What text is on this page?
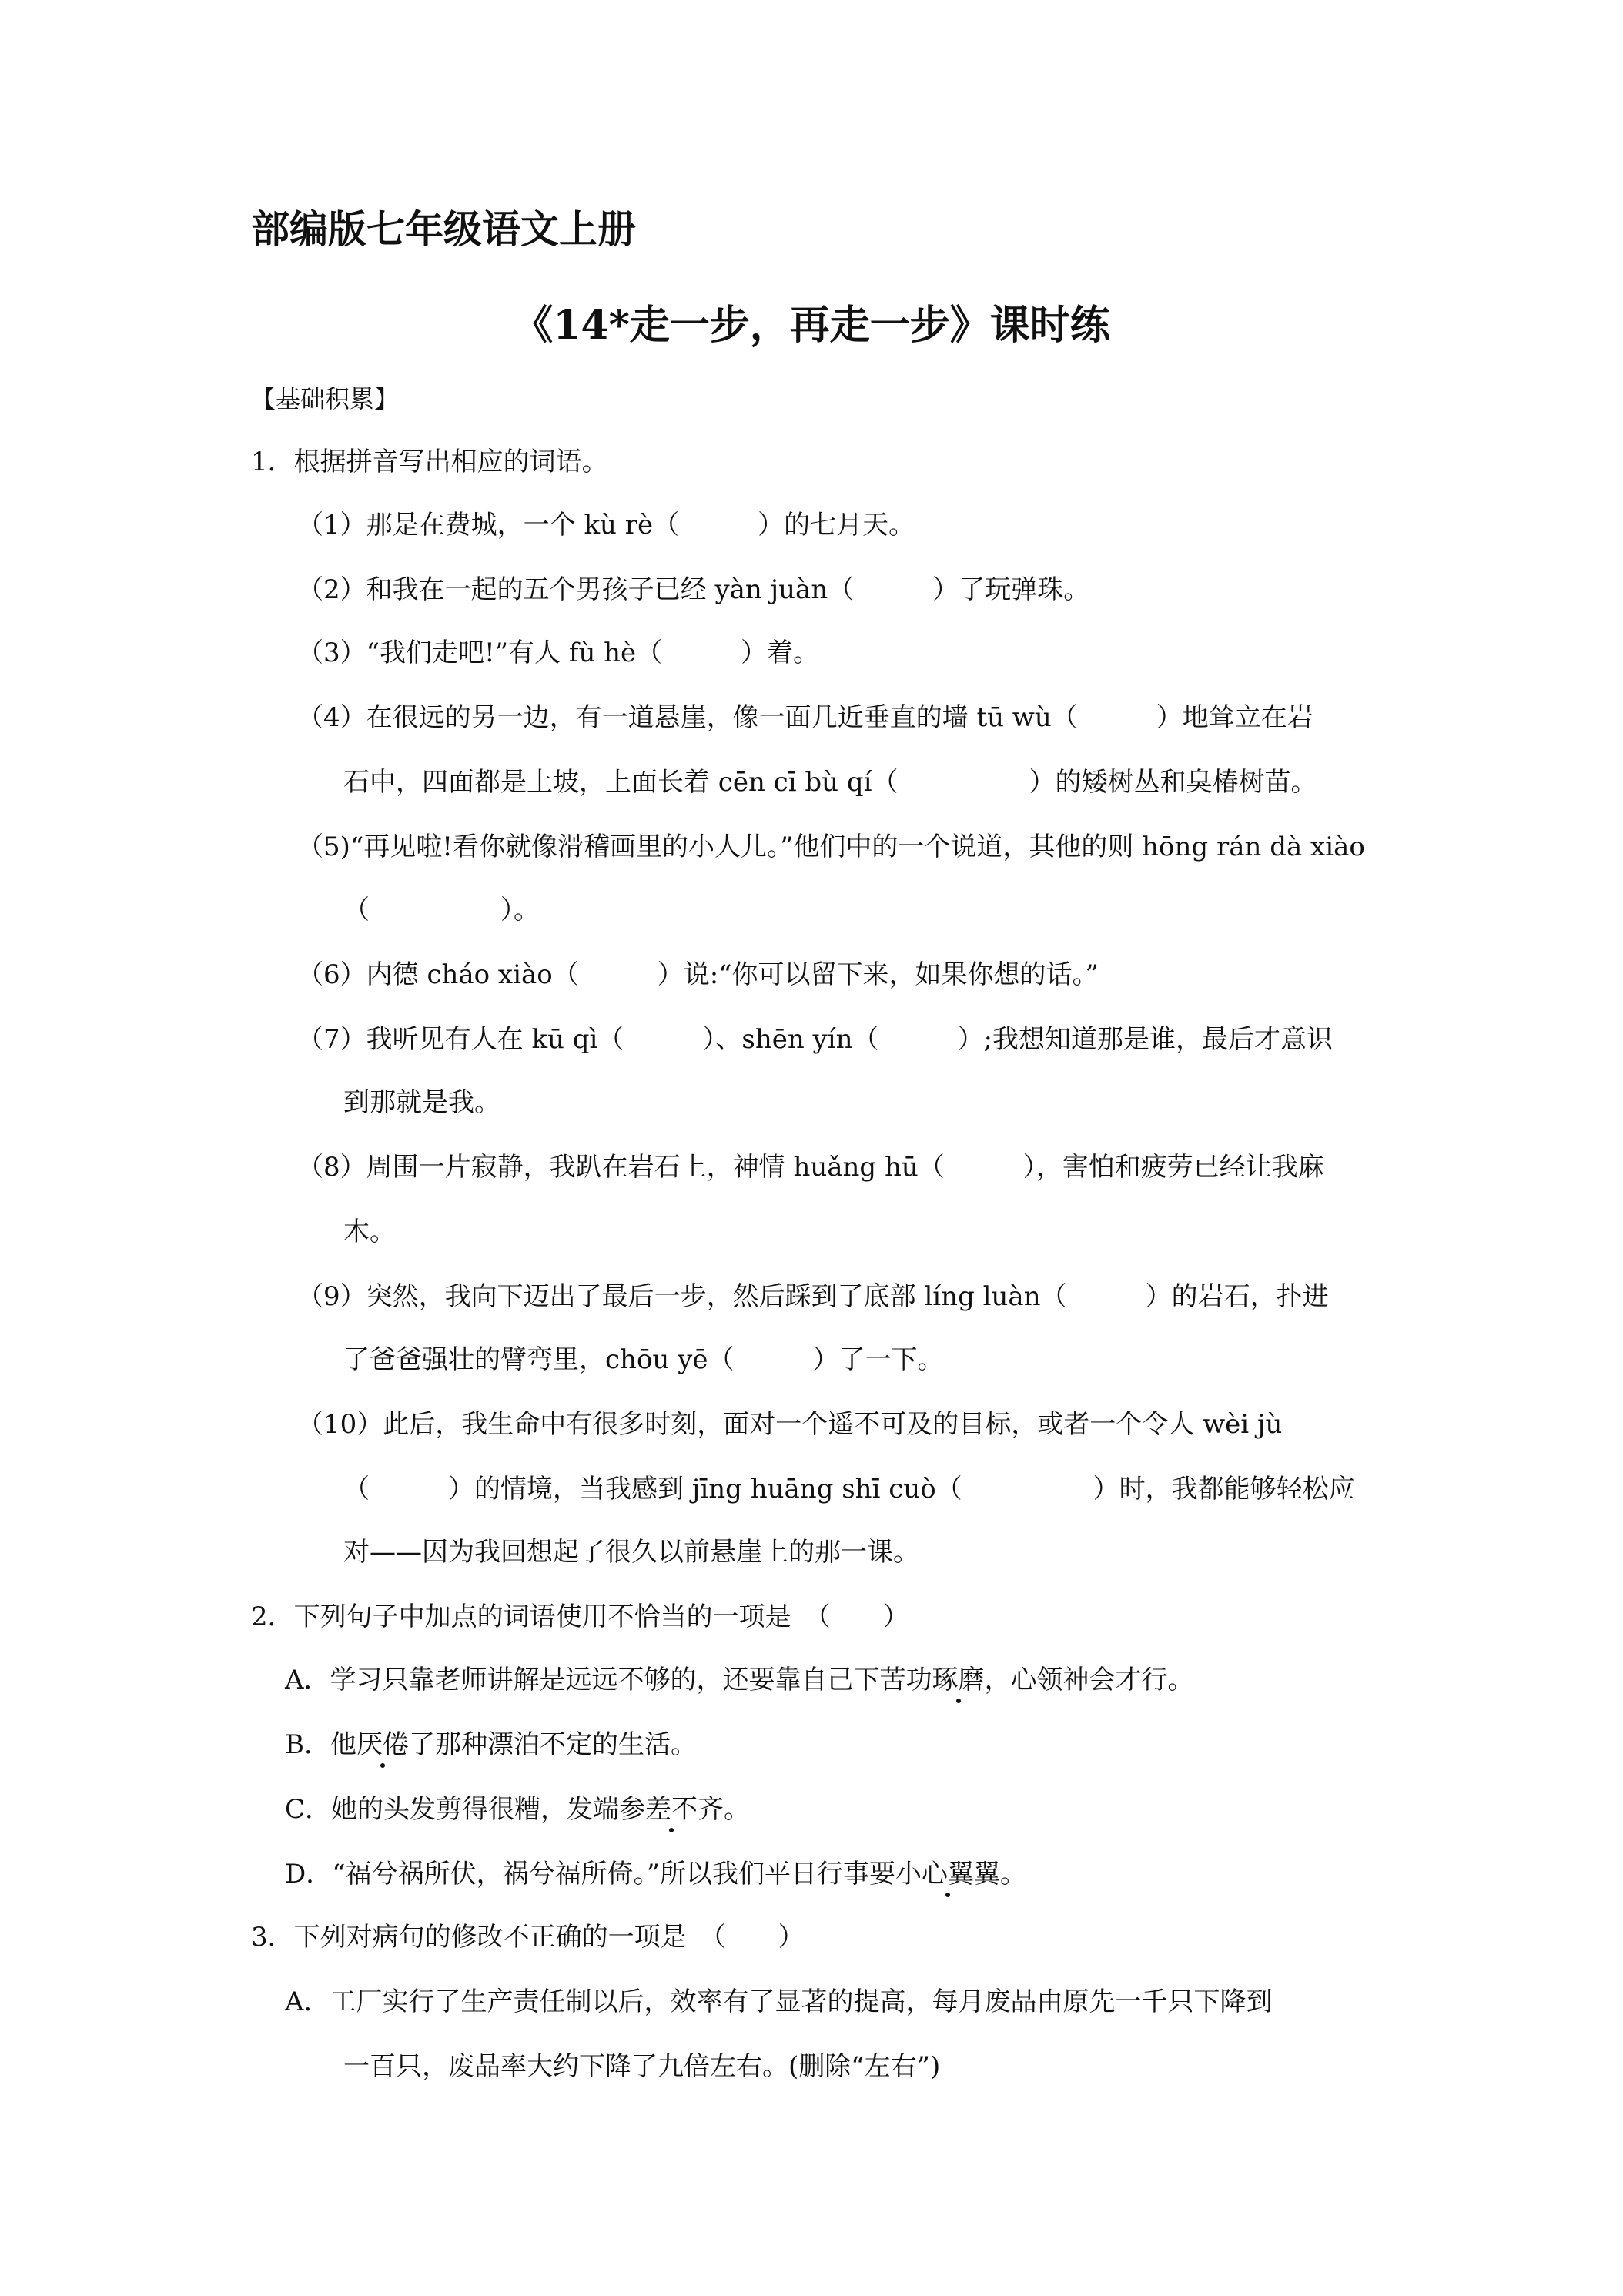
部编版七年级语文上册
《14*走一步，再走一步》课时练
【基础积累】
1．根据拼音写出相应的词语。
（1）那是在费城，一个 kù rè（　　　）的七月天。
（2）和我在一起的五个男孩子已经 yàn juàn（　　　）了玩弹珠。
（3）“我们走吧!”有人 fù hè（　　　）着。
（4）在很远的另一边，有一道悬崖，像一面几近垂直的墙 tū wù（　　　）地耸立在岩
石中，四面都是土坡，上面长着 cēn cī bù qí（　　　　　）的矮树丛和臭椿树苗。
（5)“再见啦!看你就像滑稽画里的小人儿。”他们中的一个说道，其他的则 hōng rán dà xiào
（　　　　　）。
（6）内德 cháo xiào（　　　）说:“你可以留下来，如果你想的话。”
（7）我听见有人在 kū qì（　　　）、shēn yín（　　　）;我想知道那是谁，最后才意识
到那就是我。
（8）周围一片寂静，我趴在岩石上，神情 huǎng hū（　　　），害怕和疲劳已经让我麻
木。
（9）突然，我向下迈出了最后一步，然后踩到了底部 líng luàn（　　　）的岩石，扑进
了爸爸强壮的臂弯里，chōu yē（　　　）了一下。
（10）此后，我生命中有很多时刻，面对一个遥不可及的目标，或者一个令人 wèi jù
（　　　）的情境，当我感到 jīng huāng shī cuò（　　　　　）时，我都能够轻松应
对——因为我回想起了很久以前悬崖上的那一课。
2．下列句子中加点的词语使用不恰当的一项是　（　　）
A．学习只靠老师讲解是远远不够的，还要靠自己下苦功琢磨，心领神会才行。
B．他厌倦了那种漂泊不定的生活。
C．她的头发剪得很糟，发端参差不齐。
D．“福兮祸所伏，祸兮福所倚。”所以我们平日行事要小心翼翼。
3．下列对病句的修改不正确的一项是　（　　）
A．工厂实行了生产责任制以后，效率有了显著的提高，每月废品由原先一千只下降到
一百只，废品率大约下降了九倍左右。(删除“左右”)
